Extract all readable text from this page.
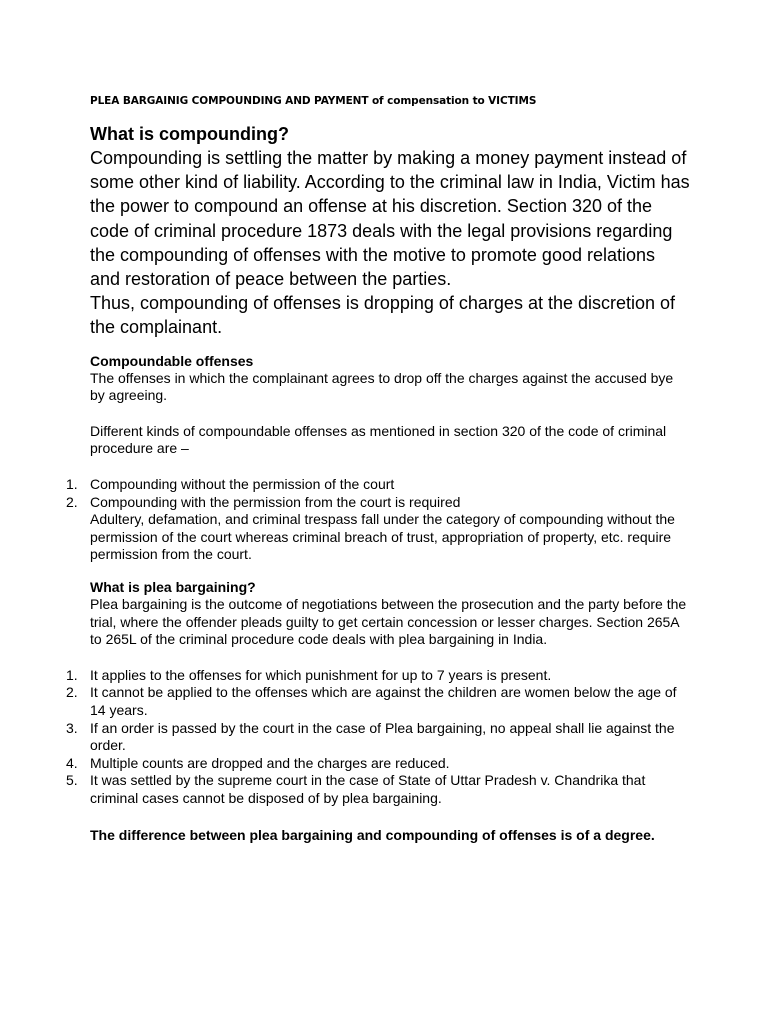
PLEA BARGAINIG COMPOUNDING AND PAYMENT of compensation to VICTIMS
What is compounding?

Compounding is settling the matter by making a money payment instead of some other kind of liability. According to the criminal law in India, Victim has the power to compound an offense at his discretion. Section 320 of the code of criminal procedure 1873 deals with the legal provisions regarding the compounding of offenses with the motive to promote good relations and restoration of peace between the parties.

Thus, compounding of offenses is dropping of charges at the discretion of the complainant.

Compoundable offenses

The offenses in which the complainant agrees to drop off the charges against the accused bye by agreeing.

Different kinds of compoundable offenses as mentioned in section 320 of the code of criminal procedure are –

1. Compounding without the permission of the court
2. Compounding with the permission from the court is required

Adultery, defamation, and criminal trespass fall under the category of compounding without the permission of the court whereas criminal breach of trust, appropriation of property, etc. require permission from the court.

What is plea bargaining?

Plea bargaining is the outcome of negotiations between the prosecution and the party before the trial, where the offender pleads guilty to get certain concession or lesser charges. Section 265A to 265L of the criminal procedure code deals with plea bargaining in India.

1. It applies to the offenses for which punishment for up to 7 years is present.
2. It cannot be applied to the offenses which are against the children are women below the age of 14 years.
3. If an order is passed by the court in the case of Plea bargaining, no appeal shall lie against the order.
4. Multiple counts are dropped and the charges are reduced.
5. It was settled by the supreme court in the case of State of Uttar Pradesh v. Chandrika that criminal cases cannot be disposed of by plea bargaining.

The difference between plea bargaining and compounding of offenses is of a degree.
